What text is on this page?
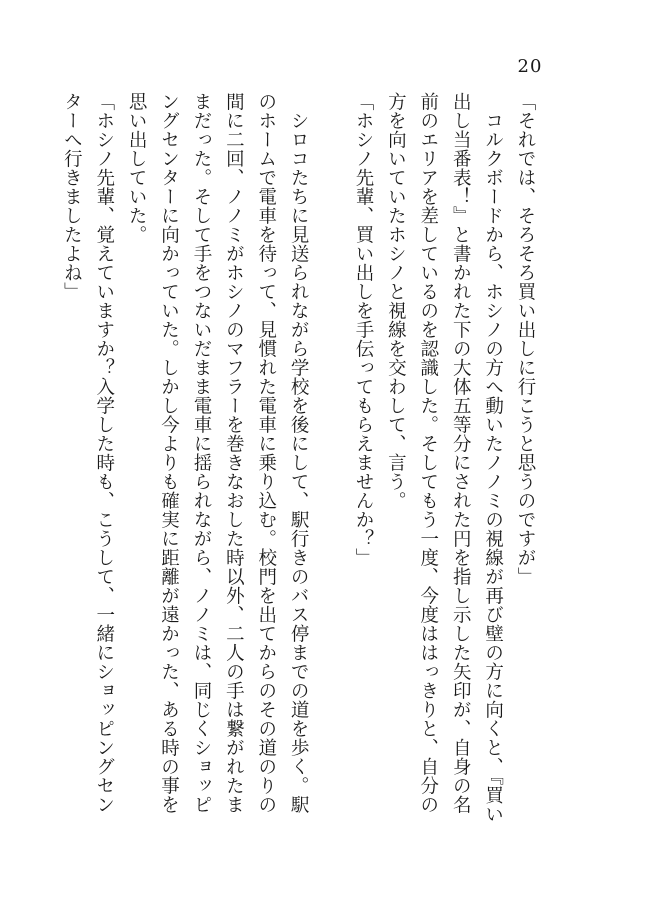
20

「それでは、そろそろ買い出しに行こうと思うのですが」

コルクボードから、ホシノの方へ動いたノノミの視線が再び壁の方に向くと、『買い出し当番表！』と書かれた下の大体五等分にされた円を指し示した矢印が、自身の名前のエリアを差しているのを認識した。そしてもう一度、今度ははっきりと、自分の方を向いていたホシノと視線を交わして、言う。

「ホシノ先輩、買い出しを手伝ってもらえませんか？」

シロコたちに見送られながら学校を後にして、駅行きのバス停までの道を歩く。駅のホームで電車を待って、見慣れた電車に乗り込む。校門を出てからのその道のりの間に二回、ノノミがホシノのマフラーを巻きなおした時以外、二人の手は繋がれたままだった。そして手をつないだまま電車に揺られながら、ノノミは、同じくショッピングセンターに向かっていた。しかし今よりも確実に距離が遠かった、ある時の事を思い出していた。

「ホシノ先輩、覚えていますか？入学した時も、こうして、一緒にショッピングセンターへ行きましたよね」
